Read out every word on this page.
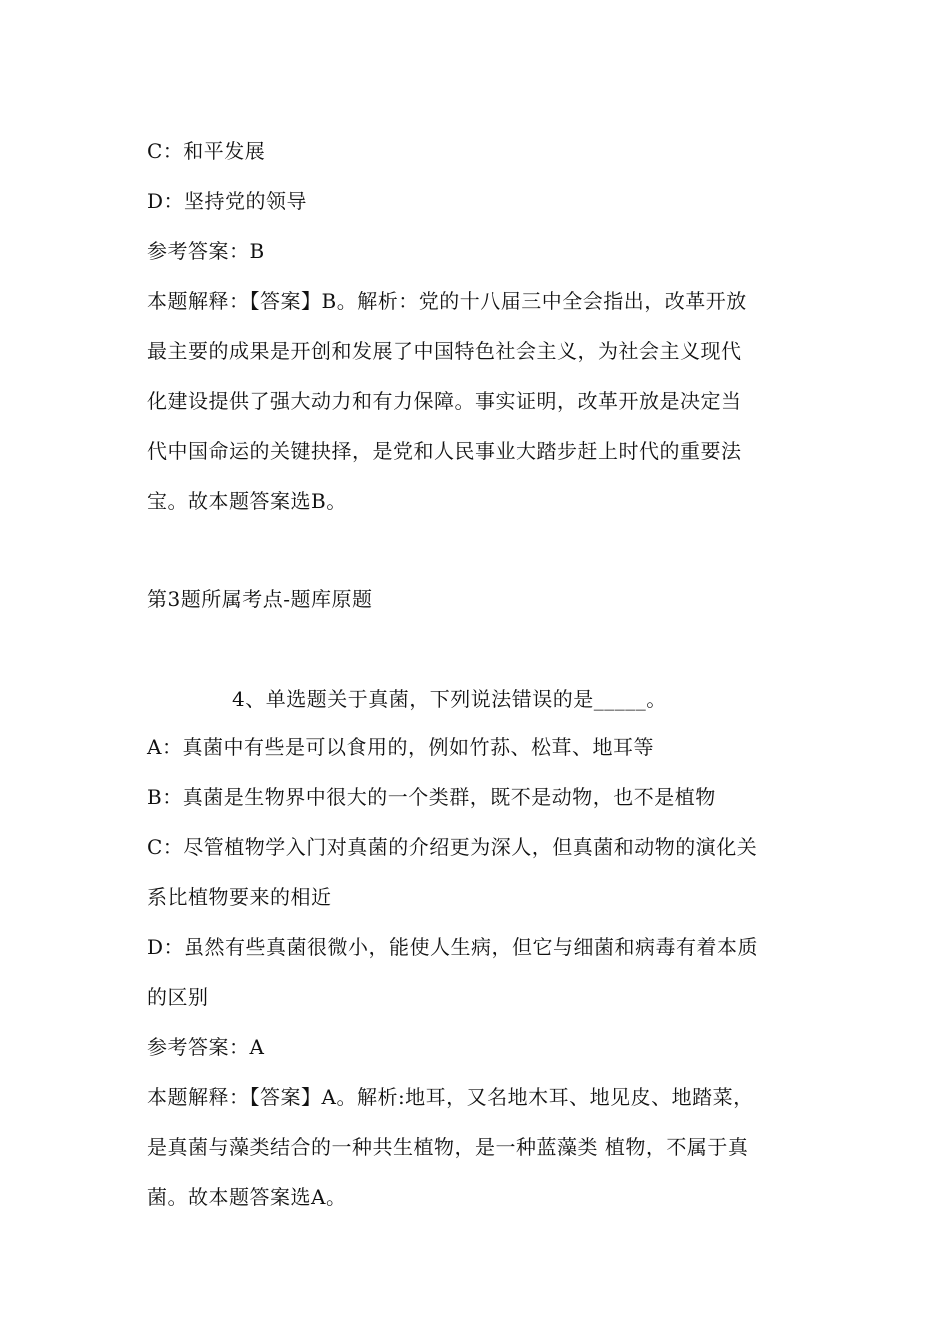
C：和平发展
D：坚持党的领导
参考答案：B
本题解释：【答案】B。解析：党的十八届三中全会指出，改革开放
最主要的成果是开创和发展了中国特色社会主义，为社会主义现代
化建设提供了强大动力和有力保障。事实证明，改革开放是决定当
代中国命运的关键抉择，是党和人民事业大踏步赶上时代的重要法
宝。故本题答案选B。
第3题所属考点-题库原题
4、单选题关于真菌，下列说法错误的是_____。
A：真菌中有些是可以食用的，例如竹荪、松茸、地耳等
B：真菌是生物界中很大的一个类群，既不是动物，也不是植物
C：尽管植物学入门对真菌的介绍更为深人，但真菌和动物的演化关
系比植物要来的相近
D：虽然有些真菌很微小，能使人生病，但它与细菌和病毒有着本质
的区别
参考答案：A
本题解释：【答案】A。解析:地耳，又名地木耳、地见皮、地踏菜，
是真菌与藻类结合的一种共生植物，是一种蓝藻类 植物，不属于真
菌。故本题答案选A。
